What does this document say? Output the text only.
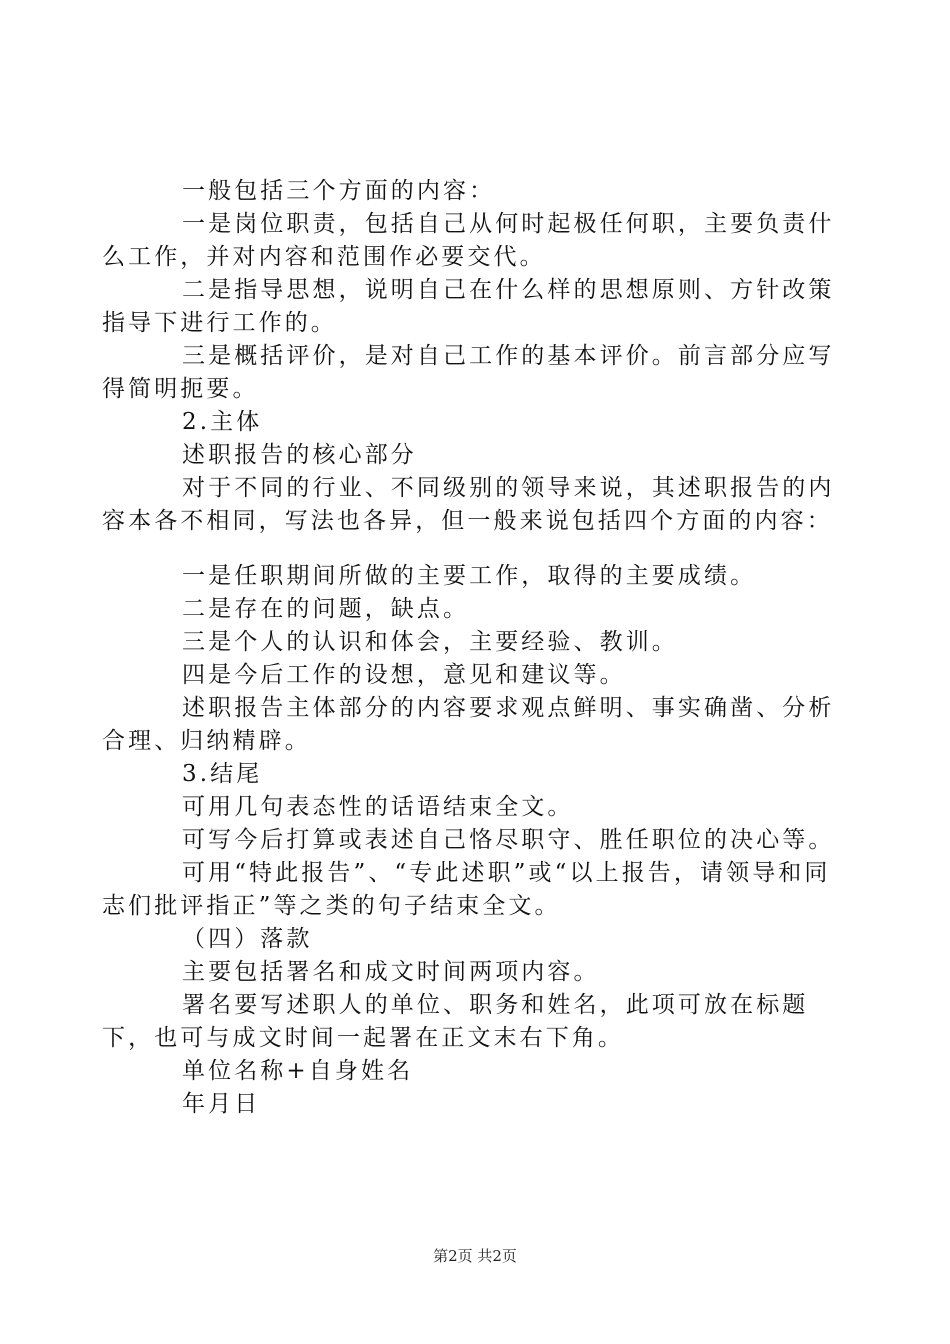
一般包括三个方面的内容：

一是岗位职责，包括自己从何时起极任何职，主要负责什么工作，并对内容和范围作必要交代。

二是指导思想，说明自己在什么样的思想原则、方针改策指导下进行工作的。

三是概括评价，是对自己工作的基本评价。前言部分应写得简明扼要。

2.主体

述职报告的核心部分

对于不同的行业、不同级别的领导来说，其述职报告的内容本各不相同，写法也各异，但一般来说包括四个方面的内容：

一是任职期间所做的主要工作，取得的主要成绩。

二是存在的问题，缺点。

三是个人的认识和体会，主要经验、教训。

四是今后工作的设想，意见和建议等。

述职报告主体部分的内容要求观点鲜明、事实确凿、分析合理、归纳精辟。

3.结尾

可用几句表态性的话语结束全文。

可写今后打算或表述自己恪尽职守、胜任职位的决心等。

可用“特此报告”、“专此述职”或“以上报告，请领导和同志们批评指正”等之类的句子结束全文。

（四）落款

主要包括署名和成文时间两项内容。

署名要写述职人的单位、职务和姓名，此项可放在标题下，也可与成文时间一起署在正文末右下角。

单位名称+自身姓名

年月日

第2页 共2页
